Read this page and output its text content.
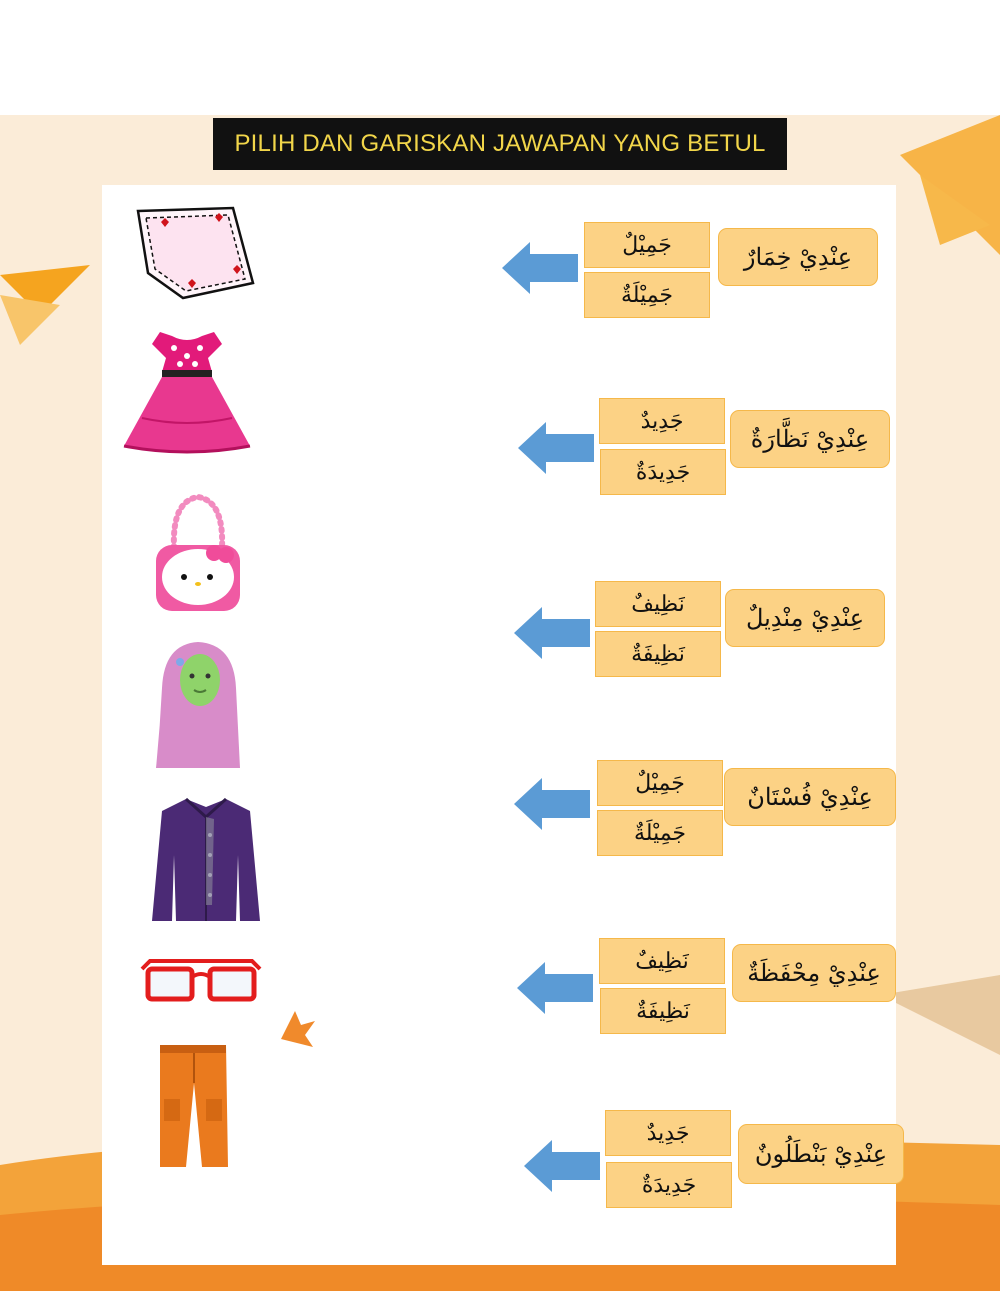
PILIH DAN GARISKAN JAWAPAN YANG BETUL
جَمِيْلٌ
جَمِيْلَةٌ
عِنْدِيْ خِمَارٌ
جَدِيدٌ
جَدِيدَةٌ
عِنْدِيْ نَظَّارَةٌ
نَظِيفٌ
نَظِيفَةٌ
عِنْدِيْ مِنْدِيلٌ
جَمِيْلٌ
جَمِيْلَةٌ
عِنْدِيْ فُسْتَانٌ
نَظِيفٌ
نَظِيفَةٌ
عِنْدِيْ مِحْفَظَةٌ
جَدِيدٌ
جَدِيدَةٌ
عِنْدِيْ بَنْطَلُونٌ
